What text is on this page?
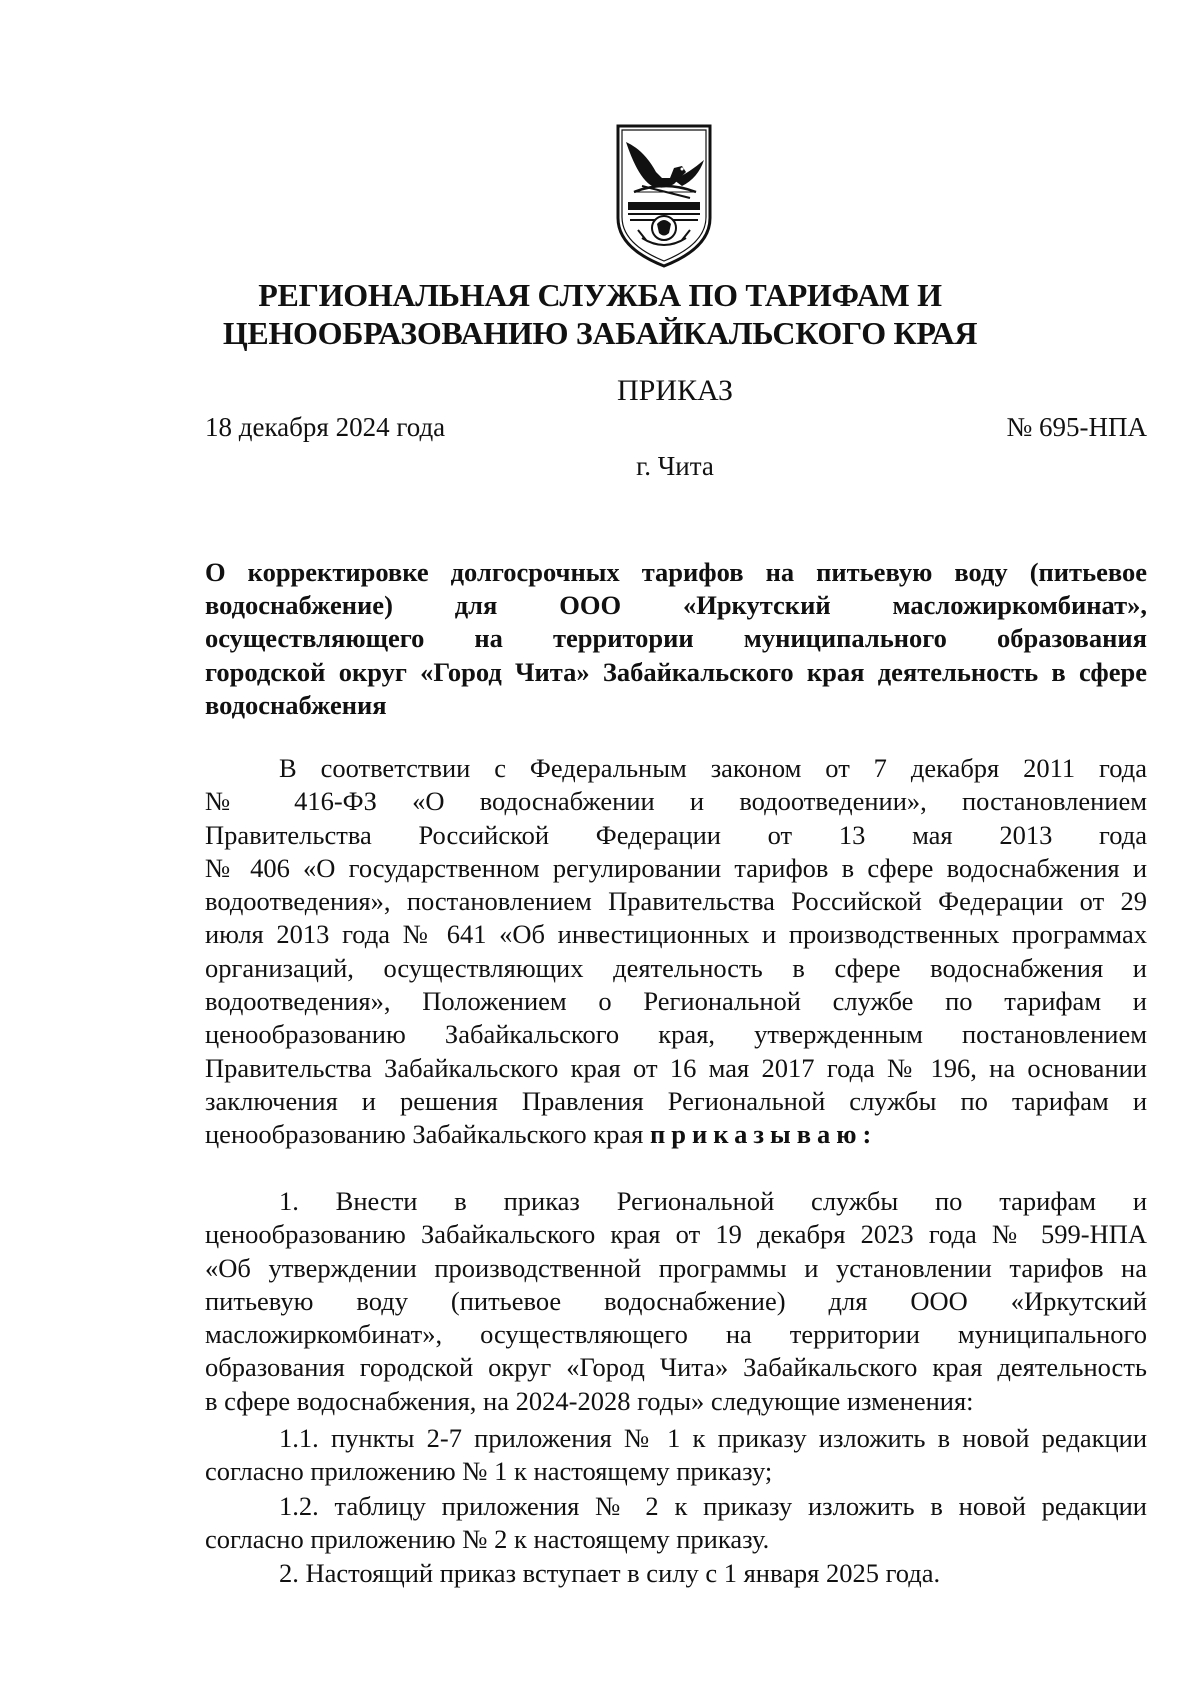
РЕГИОНАЛЬНАЯ СЛУЖБА ПО ТАРИФАМ И
ЦЕНООБРАЗОВАНИЮ ЗАБАЙКАЛЬСКОГО КРАЯ
ПРИКАЗ
18 декабря 2024 года	№ 695-НПА
г. Чита
О корректировке долгосрочных тарифов на питьевую воду (питьевое
водоснабжение) для ООО «Иркутский масложиркомбинат»,
осуществляющего на территории муниципального образования
городской округ «Город Чита» Забайкальского края деятельность в сфере
водоснабжения
В соответствии с Федеральным законом от 7 декабря 2011 года
№ 416-ФЗ «О водоснабжении и водоотведении», постановлением
Правительства Российской Федерации от 13 мая 2013 года
№ 406 «О государственном регулировании тарифов в сфере водоснабжения и
водоотведения», постановлением Правительства Российской Федерации от 29
июля 2013 года № 641 «Об инвестиционных и производственных программах
организаций, осуществляющих деятельность в сфере водоснабжения и
водоотведения», Положением о Региональной службе по тарифам и
ценообразованию Забайкальского края, утвержденным постановлением
Правительства Забайкальского края от 16 мая 2017 года № 196, на основании
заключения и решения Правления Региональной службы по тарифам и
ценообразованию Забайкальского края приказываю:
1. Внести в приказ Региональной службы по тарифам и
ценообразованию Забайкальского края от 19 декабря 2023 года № 599-НПА
«Об утверждении производственной программы и установлении тарифов на
питьевую воду (питьевое водоснабжение) для ООО «Иркутский
масложиркомбинат», осуществляющего на территории муниципального
образования городской округ «Город Чита» Забайкальского края деятельность
в сфере водоснабжения, на 2024-2028 годы» следующие изменения:
1.1. пункты 2-7 приложения № 1 к приказу изложить в новой редакции
согласно приложению № 1 к настоящему приказу;
1.2. таблицу приложения № 2 к приказу изложить в новой редакции
согласно приложению № 2 к настоящему приказу.
2. Настоящий приказ вступает в силу с 1 января 2025 года.
